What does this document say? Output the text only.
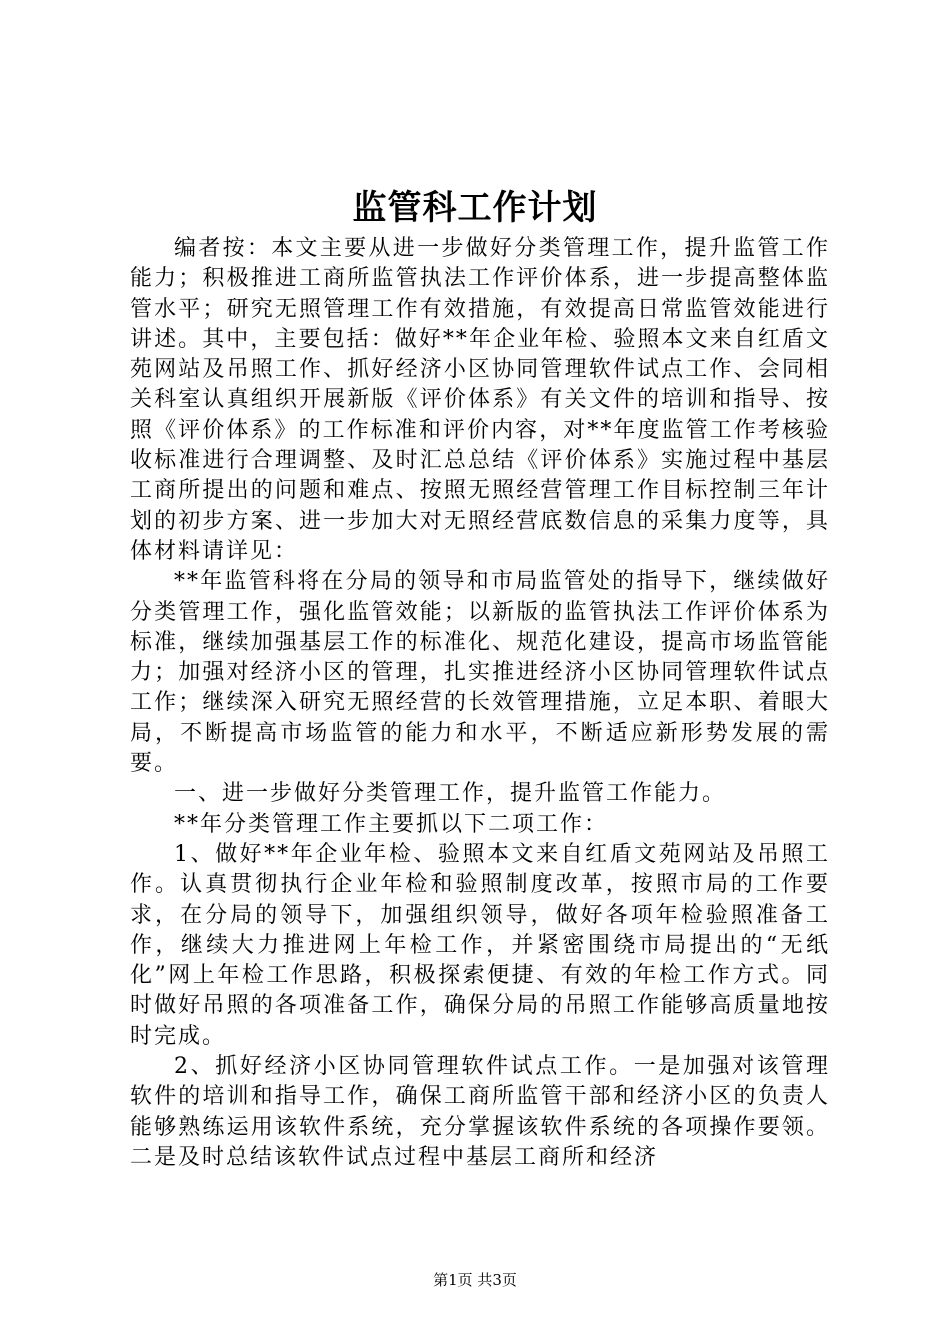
监管科工作计划

编者按：本文主要从进一步做好分类管理工作，提升监管工作能力；积极推进工商所监管执法工作评价体系，进一步提高整体监管水平；研究无照管理工作有效措施，有效提高日常监管效能进行讲述。其中，主要包括：做好**年企业年检、验照本文来自红盾文苑网站及吊照工作、抓好经济小区协同管理软件试点工作、会同相关科室认真组织开展新版《评价体系》有关文件的培训和指导、按照《评价体系》的工作标准和评价内容，对**年度监管工作考核验收标准进行合理调整、及时汇总总结《评价体系》实施过程中基层工商所提出的问题和难点、按照无照经营管理工作目标控制三年计划的初步方案、进一步加大对无照经营底数信息的采集力度等，具体材料请详见：

**年监管科将在分局的领导和市局监管处的指导下，继续做好分类管理工作，强化监管效能；以新版的监管执法工作评价体系为标准，继续加强基层工作的标准化、规范化建设，提高市场监管能力；加强对经济小区的管理，扎实推进经济小区协同管理软件试点工作；继续深入研究无照经营的长效管理措施，立足本职、着眼大局，不断提高市场监管的能力和水平，不断适应新形势发展的需要。

一、进一步做好分类管理工作，提升监管工作能力。

**年分类管理工作主要抓以下二项工作：

1、做好**年企业年检、验照本文来自红盾文苑网站及吊照工作。认真贯彻执行企业年检和验照制度改革，按照市局的工作要求，在分局的领导下，加强组织领导，做好各项年检验照准备工作，继续大力推进网上年检工作，并紧密围绕市局提出的“无纸化”网上年检工作思路，积极探索便捷、有效的年检工作方式。同时做好吊照的各项准备工作，确保分局的吊照工作能够高质量地按时完成。

2、抓好经济小区协同管理软件试点工作。一是加强对该管理软件的培训和指导工作，确保工商所监管干部和经济小区的负责人能够熟练运用该软件系统，充分掌握该软件系统的各项操作要领。二是及时总结该软件试点过程中基层工商所和经济

第1页 共3页
